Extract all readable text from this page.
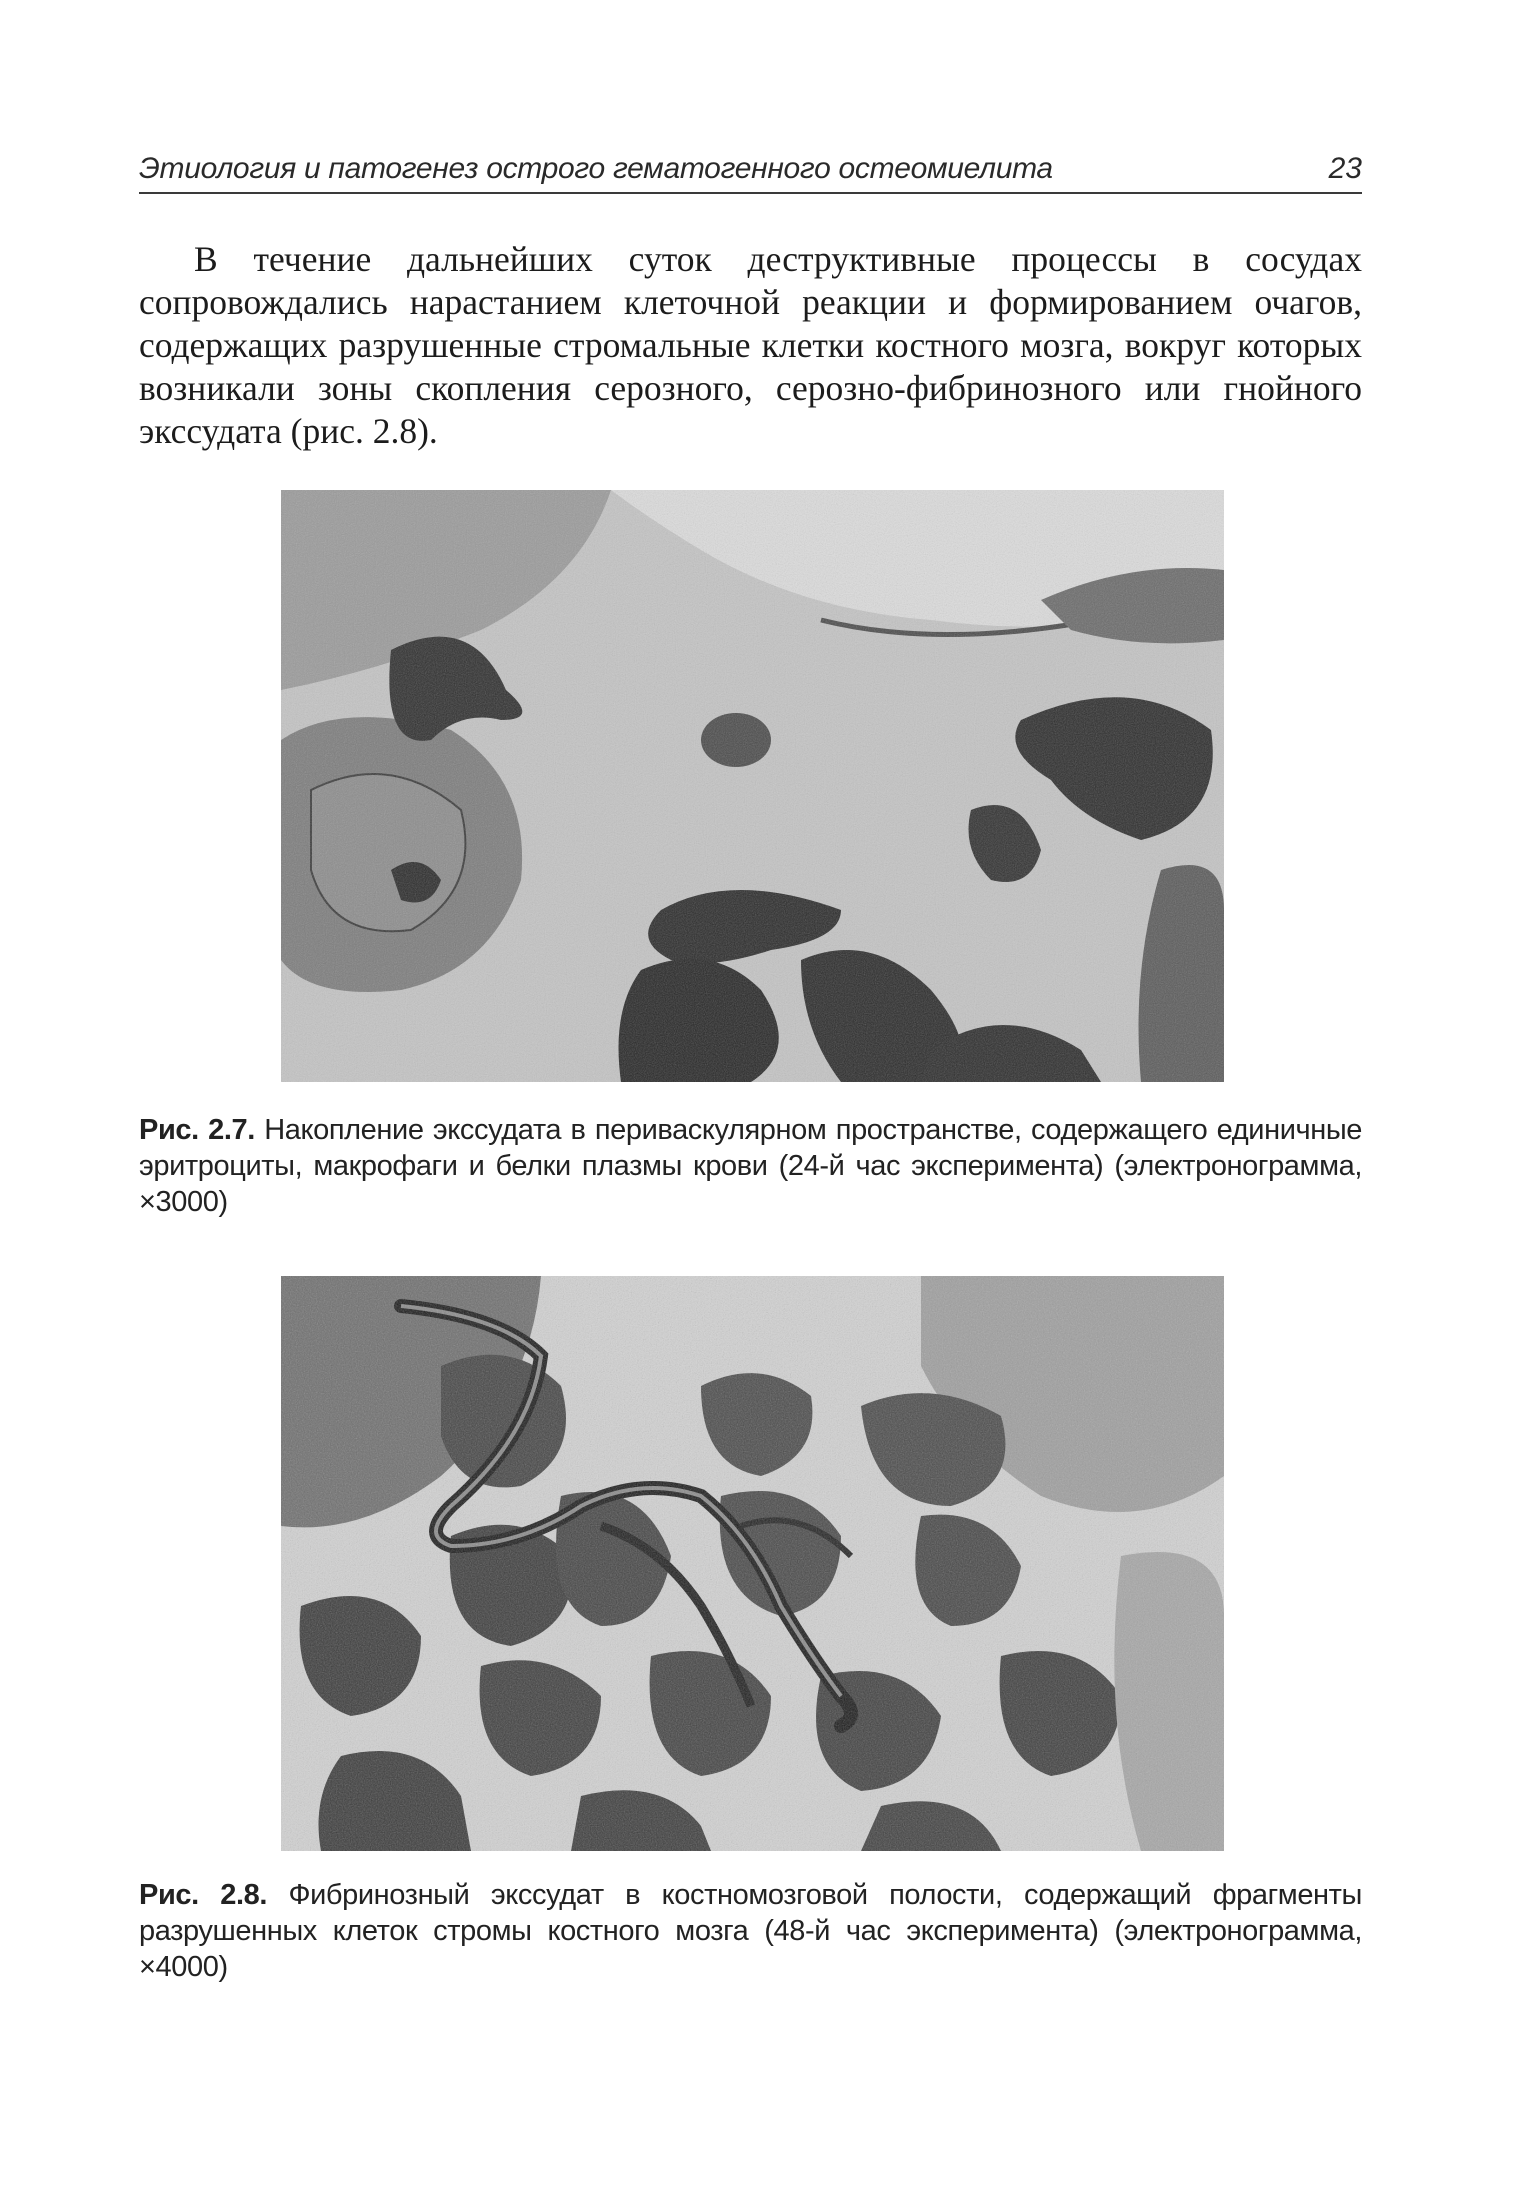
Этиология и патогенез острого гематогенного остеомиелита	23

В течение дальнейших суток деструктивные процессы в сосудах сопровождались нарастанием клеточной реакции и формированием очагов, содержащих разрушенные стромальные клетки костного мозга, вокруг которых возникали зоны скопления серозного, серозно-фибринозного или гнойного экссудата (рис. 2.8).

Рис. 2.7. Накопление экссудата в периваскулярном пространстве, содержащего единичные эритроциты, макрофаги и белки плазмы крови (24-й час эксперимента) (электронограмма, ×3000)

Рис. 2.8. Фибринозный экссудат в костномозговой полости, содержащий фрагменты разрушенных клеток стромы костного мозга (48-й час эксперимента) (электронограмма, ×4000)
